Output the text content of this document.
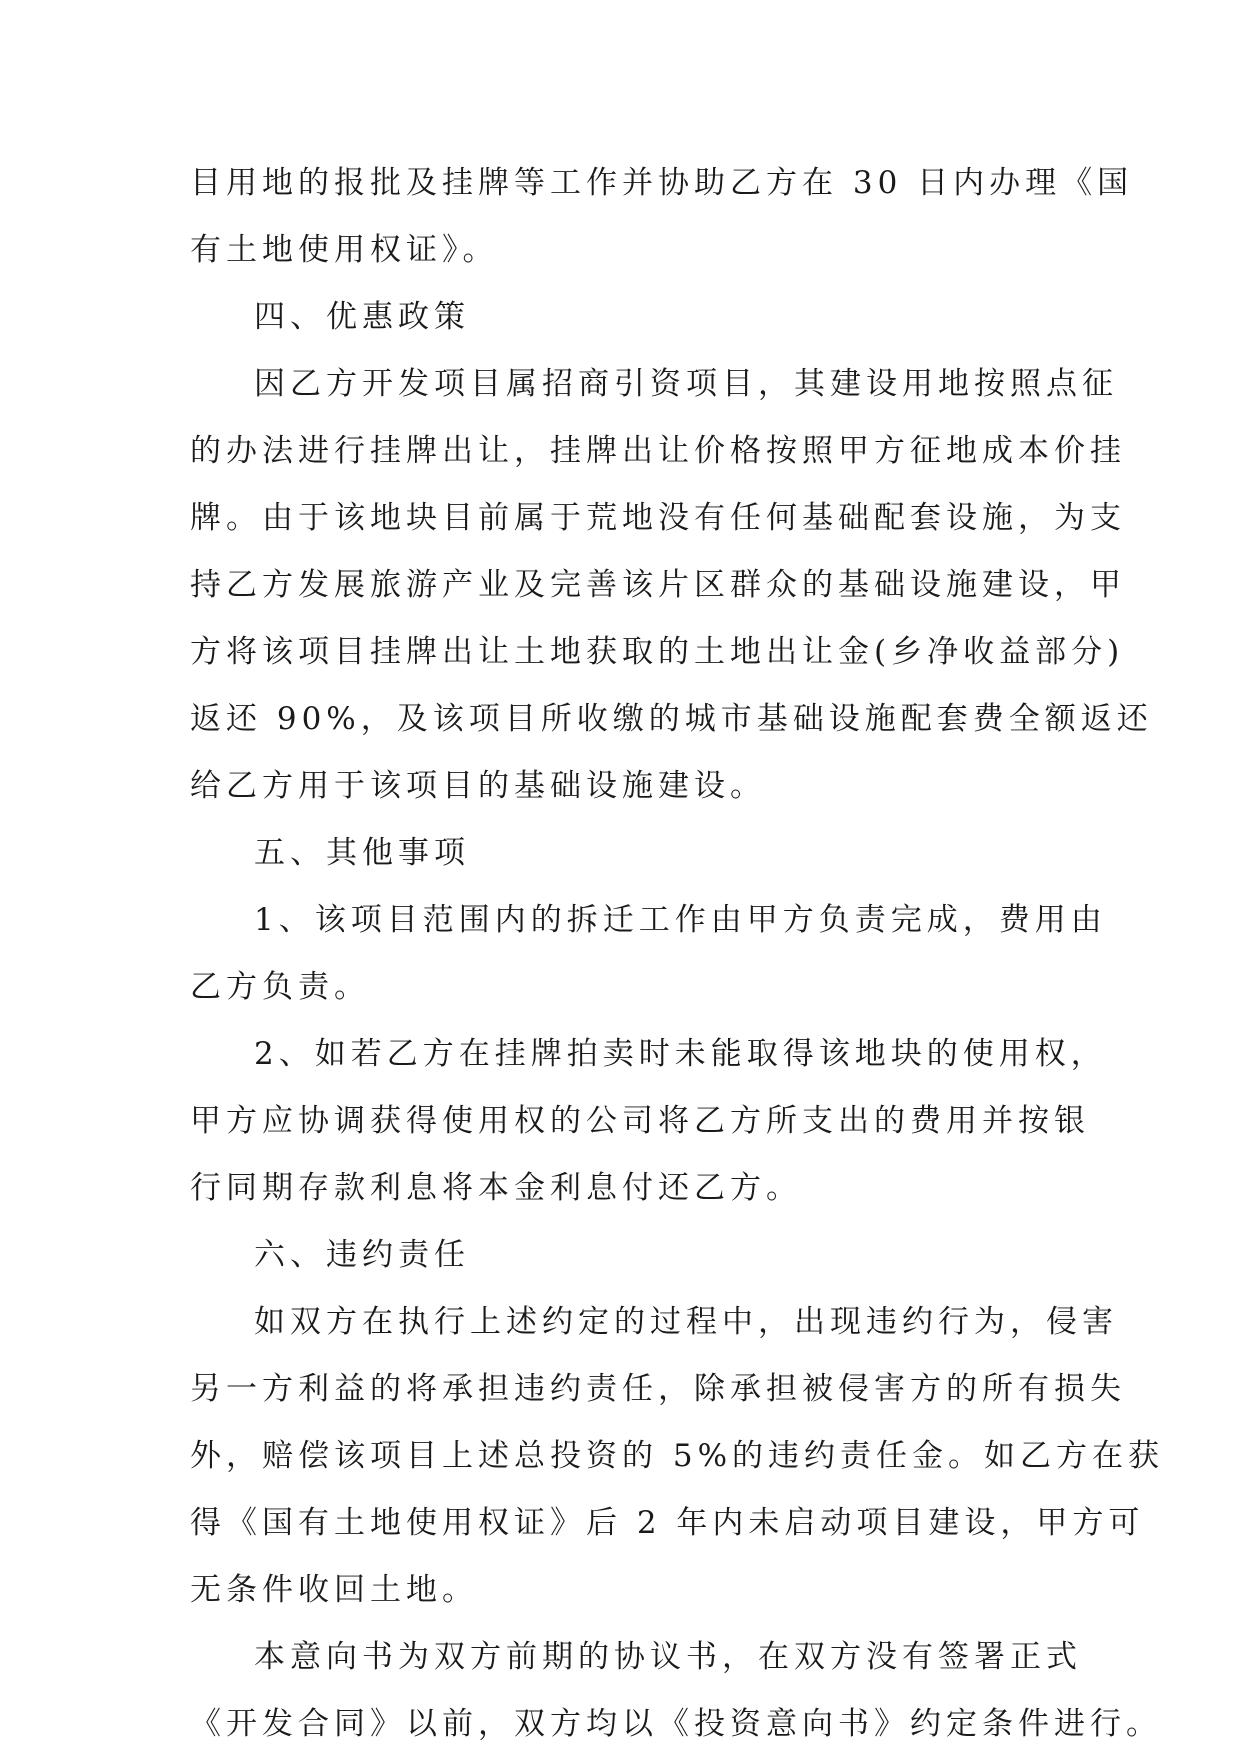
目用地的报批及挂牌等工作并协助乙方在 30 日内办理《国
有土地使用权证》。
四、优惠政策
因乙方开发项目属招商引资项目，其建设用地按照点征
的办法进行挂牌出让，挂牌出让价格按照甲方征地成本价挂
牌。由于该地块目前属于荒地没有任何基础配套设施，为支
持乙方发展旅游产业及完善该片区群众的基础设施建设，甲
方将该项目挂牌出让土地获取的土地出让金(乡净收益部分)
返还 90%，及该项目所收缴的城市基础设施配套费全额返还
给乙方用于该项目的基础设施建设。
五、其他事项
1、该项目范围内的拆迁工作由甲方负责完成，费用由
乙方负责。
2、如若乙方在挂牌拍卖时未能取得该地块的使用权，
甲方应协调获得使用权的公司将乙方所支出的费用并按银
行同期存款利息将本金利息付还乙方。
六、违约责任
如双方在执行上述约定的过程中，出现违约行为，侵害
另一方利益的将承担违约责任，除承担被侵害方的所有损失
外，赔偿该项目上述总投资的 5%的违约责任金。如乙方在获
得《国有土地使用权证》后 2 年内未启动项目建设，甲方可
无条件收回土地。
本意向书为双方前期的协议书，在双方没有签署正式
《开发合同》以前，双方均以《投资意向书》约定条件进行。
